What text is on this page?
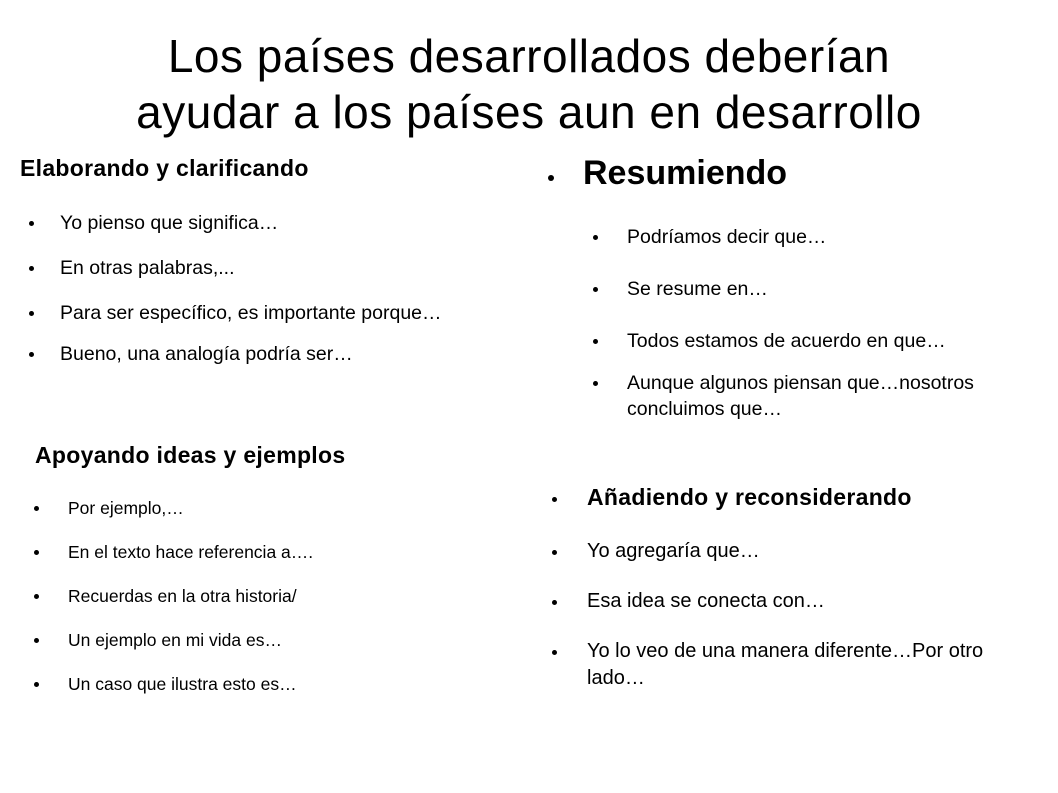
Los países desarrollados deberían
ayudar a los países aun en desarrollo
Elaborando y clarificando
Yo pienso que significa…
En otras palabras,...
Para ser específico, es importante porque…
Bueno, una analogía podría ser…
Apoyando ideas y ejemplos
Por ejemplo,…
En el texto hace referencia a….
Recuerdas en la otra historia/
Un ejemplo en mi vida es…
Un caso que ilustra esto es…
Resumiendo
Podríamos decir que…
Se resume en…
Todos estamos de acuerdo en que…
Aunque algunos piensan que…nosotros concluimos que…
Añadiendo y reconsiderando
Yo agregaría que…
Esa idea se conecta con…
Yo lo veo de una manera diferente…Por otro lado…
